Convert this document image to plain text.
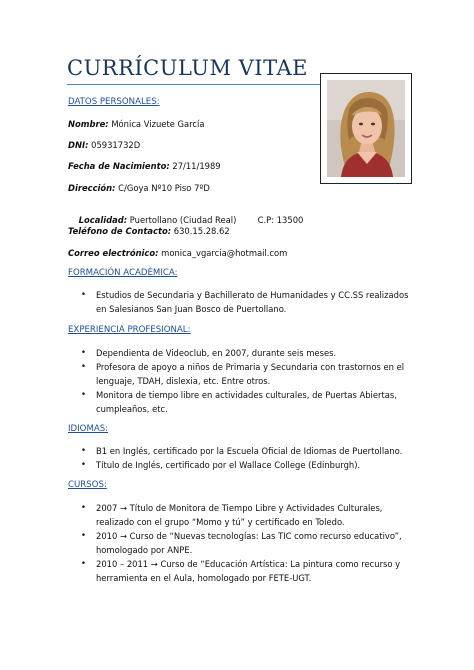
CURRÍCULUM VITAE
DATOS PERSONALES:
Nombre: Mónica Vizuete García
DNI: 05931732D
Fecha de Nacimiento: 27/11/1989
Dirección: C/Goya Nº10 Piso 7ºD

Localidad: Puertollano (Ciudad Real)        C.P: 13500

Teléfono de Contacto: 630.15.28.62
Correo electrónico: monica_vgarcia@hotmail.com
FORMACIÓN ACADÉMICA:
• Estudios de Secundaria y Bachillerato de Humanidades y CC.SS realizados en Salesianos San Juan Bosco de Puertollano.
EXPERIENCIA PROFESIONAL:
• Dependienta de Videoclub, en 2007, durante seis meses.
• Profesora de apoyo a niños de Primaria y Secundaria con trastornos en el lenguaje, TDAH, dislexia, etc. Entre otros.
• Monitora de tiempo libre en actividades culturales, de Puertas Abiertas, cumpleaños, etc.
IDIOMAS:
• B1 en Inglés, certificado por la Escuela Oficial de Idiomas de Puertollano.
• Título de Inglés, certificado por el Wallace College (Edinburgh).
CURSOS:
• 2007 → Título de Monitora de Tiempo Libre y Actividades Culturales, realizado con el grupo “Momo y tú” y certificado en Toledo.
• 2010 → Curso de “Nuevas tecnologías: Las TIC como recurso educativo”, homologado por ANPE.
• 2010 – 2011 → Curso de “Educación Artística: La pintura como recurso y herramienta en el Aula, homologado por FETE-UGT.
